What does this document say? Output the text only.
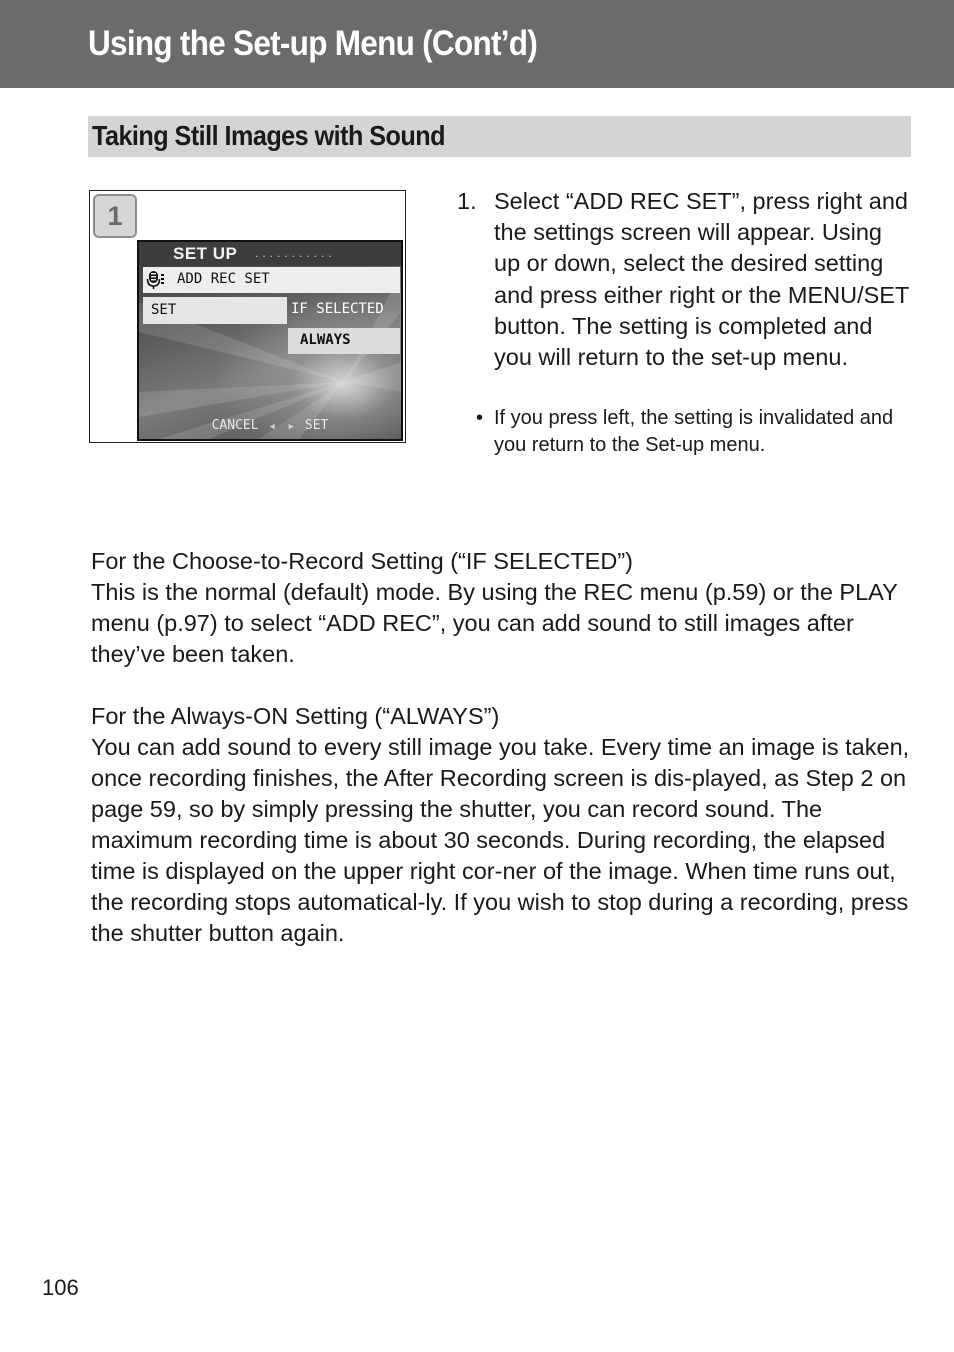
Using the Set-up Menu (Cont’d)
Taking Still Images with Sound
1
SET UP ...........
ADD REC SET
SET	IF SELECTED
ALWAYS
CANCEL ◀ ▶ SET
1. Select “ADD REC SET”, press right and the settings screen will appear. Using up or down, select the desired setting and press either right or the MENU/SET button. The setting is completed and you will return to the set-up menu.
• If you press left, the setting is invalidated and you return to the Set-up menu.

For the Choose-to-Record Setting (“IF SELECTED”)

This is the normal (default) mode. By using the REC menu (p.59) or the PLAY menu (p.97) to select “ADD REC”, you can add sound to still images after they’ve been taken.

For the Always-ON Setting (“ALWAYS”)

You can add sound to every still image you take. Every time an image is taken, once recording finishes, the After Recording screen is dis-played, as Step 2 on page 59, so by simply pressing the shutter, you can record sound. The maximum recording time is about 30 seconds. During recording, the elapsed time is displayed on the upper right cor-ner of the image. When time runs out, the recording stops automatical-ly. If you wish to stop during a recording, press the shutter button again.

106
